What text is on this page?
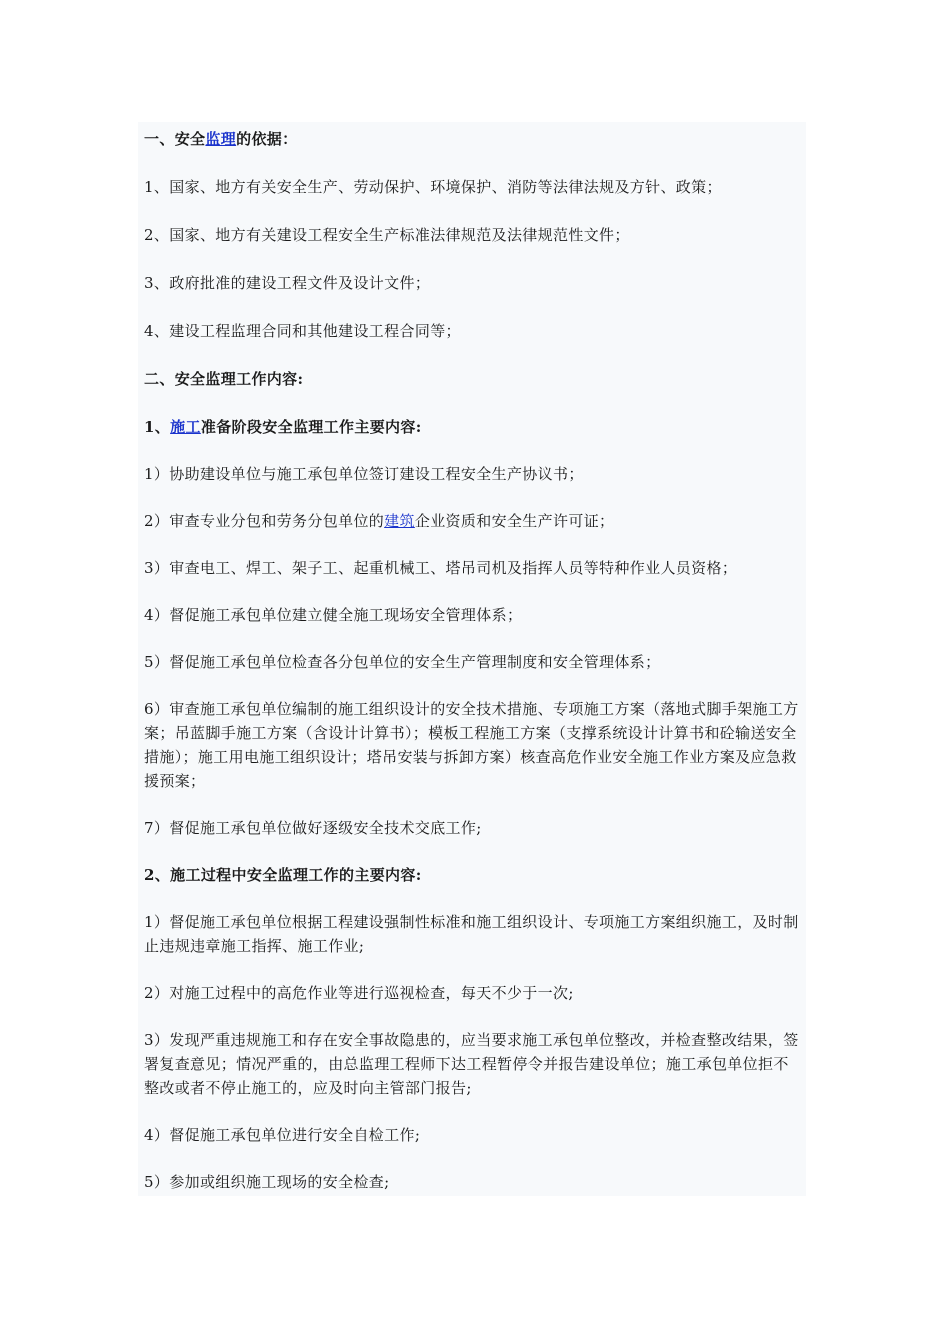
一、安全监理的依据：

1、国家、地方有关安全生产、劳动保护、环境保护、消防等法律法规及方针、政策；

2、国家、地方有关建设工程安全生产标准法律规范及法律规范性文件；

3、政府批准的建设工程文件及设计文件；

4、建设工程监理合同和其他建设工程合同等；

二、安全监理工作内容:

1、施工准备阶段安全监理工作主要内容:

1）协助建设单位与施工承包单位签订建设工程安全生产协议书；

2）审查专业分包和劳务分包单位的建筑企业资质和安全生产许可证；

3）审查电工、焊工、架子工、起重机械工、塔吊司机及指挥人员等特种作业人员资格；

4）督促施工承包单位建立健全施工现场安全管理体系；

5）督促施工承包单位检查各分包单位的安全生产管理制度和安全管理体系；

6）审查施工承包单位编制的施工组织设计的安全技术措施、专项施工方案（落地式脚手架施工方案；吊蓝脚手施工方案（含设计计算书）；模板工程施工方案（支撑系统设计计算书和砼输送安全措施）；施工用电施工组织设计；塔吊安装与拆卸方案）核查高危作业安全施工作业方案及应急救援预案；

7）督促施工承包单位做好逐级安全技术交底工作;

2、施工过程中安全监理工作的主要内容:

1）督促施工承包单位根据工程建设强制性标准和施工组织设计、专项施工方案组织施工，及时制止违规违章施工指挥、施工作业;

2）对施工过程中的高危作业等进行巡视检查，每天不少于一次;

3）发现严重违规施工和存在安全事故隐患的，应当要求施工承包单位整改，并检查整改结果，签署复查意见；情况严重的，由总监理工程师下达工程暂停令并报告建设单位；施工承包单位拒不整改或者不停止施工的，应及时向主管部门报告;

4）督促施工承包单位进行安全自检工作;

5）参加或组织施工现场的安全检查;
